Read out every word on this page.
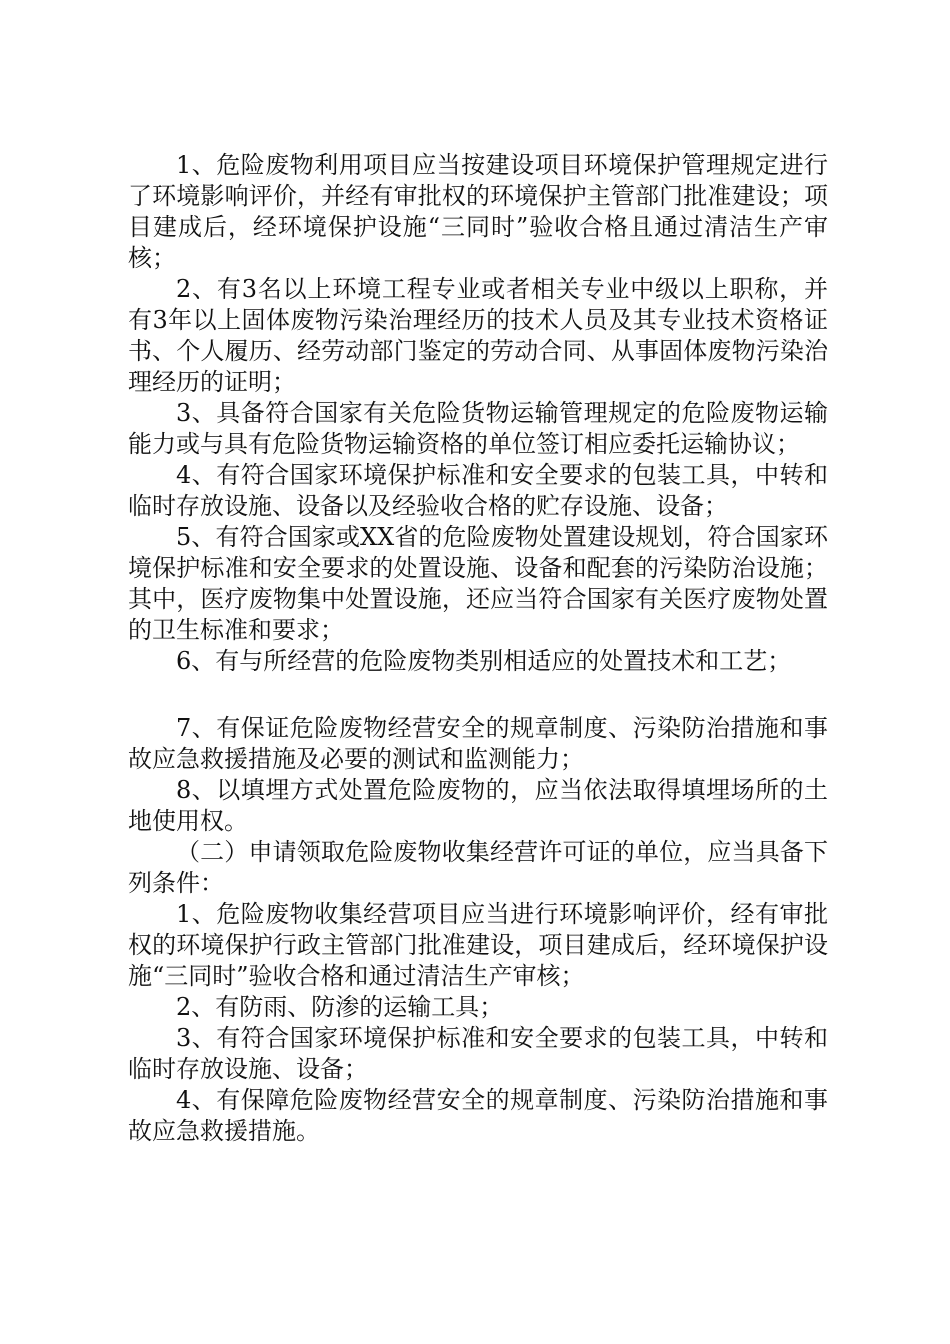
1、危险废物利用项目应当按建设项目环境保护管理规定进行了环境影响评价，并经有审批权的环境保护主管部门批准建设；项目建成后，经环境保护设施“三同时”验收合格且通过清洁生产审核；

2、有3名以上环境工程专业或者相关专业中级以上职称，并有3年以上固体废物污染治理经历的技术人员及其专业技术资格证书、个人履历、经劳动部门鉴定的劳动合同、从事固体废物污染治理经历的证明；

3、具备符合国家有关危险货物运输管理规定的危险废物运输能力或与具有危险货物运输资格的单位签订相应委托运输协议；

4、有符合国家环境保护标准和安全要求的包装工具，中转和临时存放设施、设备以及经验收合格的贮存设施、设备；

5、有符合国家或XX省的危险废物处置建设规划，符合国家环境保护标准和安全要求的处置设施、设备和配套的污染防治设施；其中，医疗废物集中处置设施，还应当符合国家有关医疗废物处置的卫生标准和要求；

6、有与所经营的危险废物类别相适应的处置技术和工艺；

7、有保证危险废物经营安全的规章制度、污染防治措施和事故应急救援措施及必要的测试和监测能力；

8、以填埋方式处置危险废物的，应当依法取得填埋场所的土地使用权。

（二）申请领取危险废物收集经营许可证的单位，应当具备下列条件：

1、危险废物收集经营项目应当进行环境影响评价，经有审批权的环境保护行政主管部门批准建设，项目建成后，经环境保护设施“三同时”验收合格和通过清洁生产审核；

2、有防雨、防渗的运输工具；

3、有符合国家环境保护标准和安全要求的包装工具，中转和临时存放设施、设备；

4、有保障危险废物经营安全的规章制度、污染防治措施和事故应急救援措施。
